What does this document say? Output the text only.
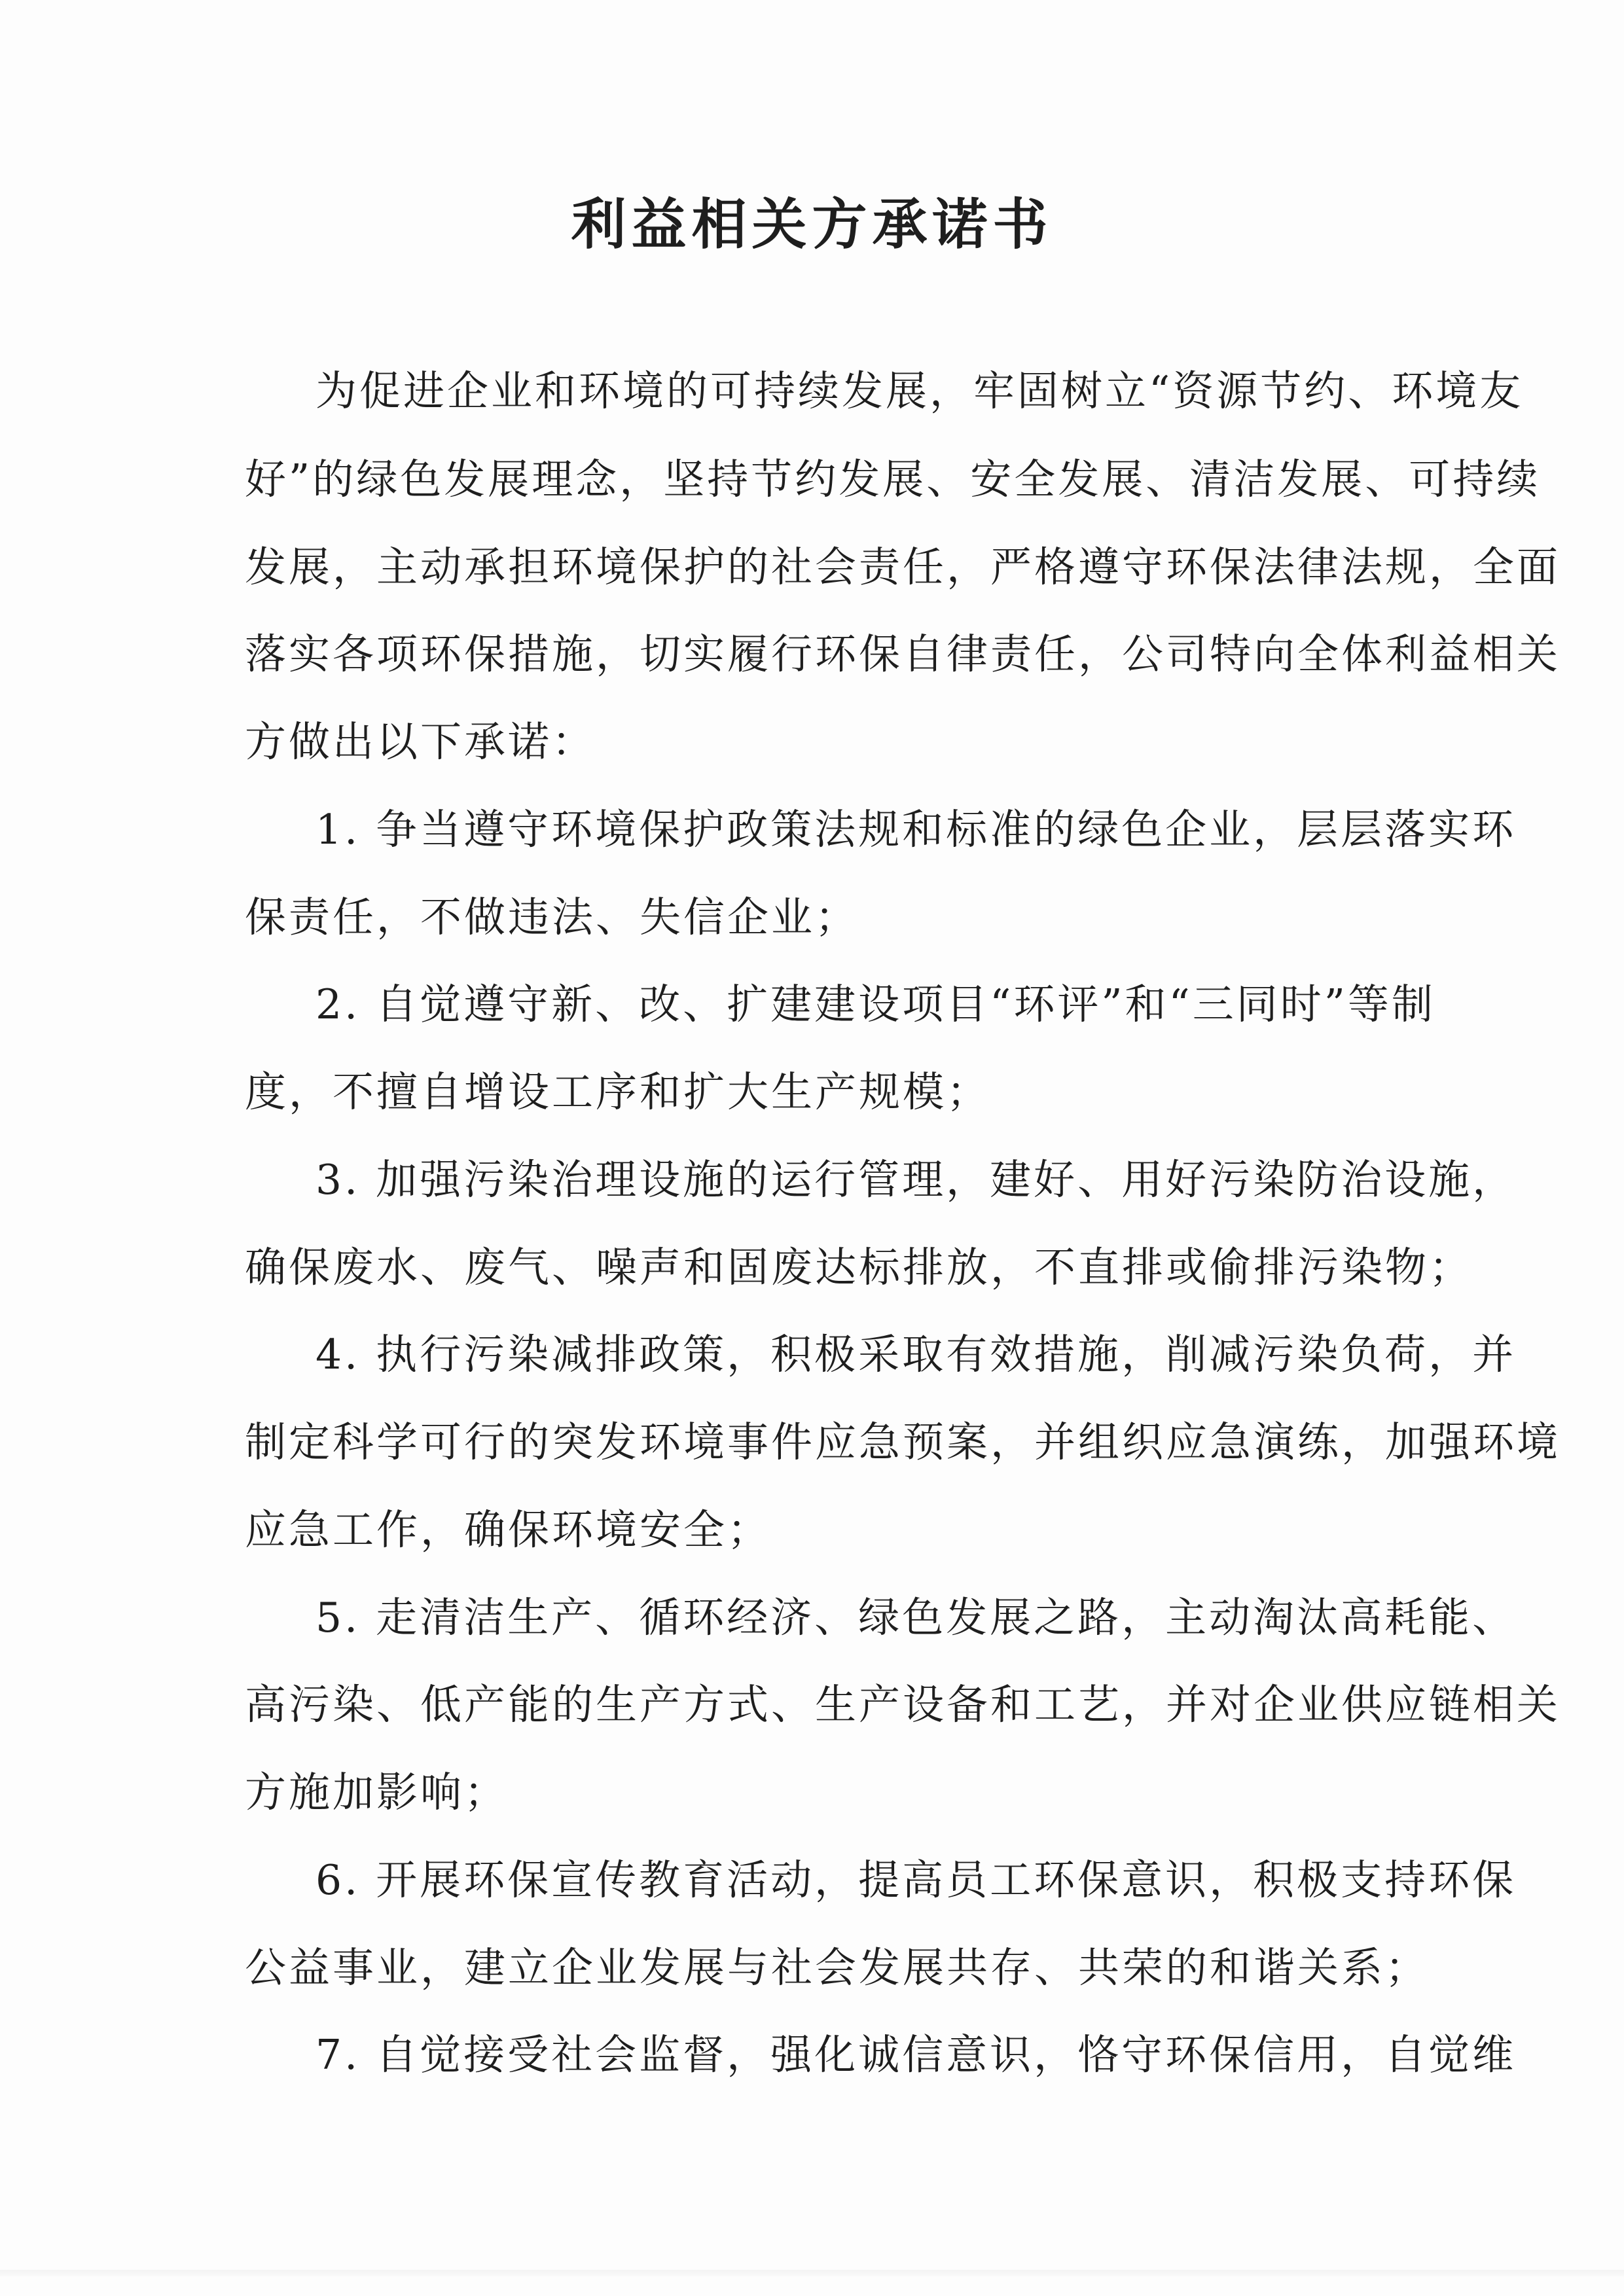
利益相关方承诺书
为促进企业和环境的可持续发展，牢固树立“资源节约、环境友
好”的绿色发展理念，坚持节约发展、安全发展、清洁发展、可持续
发展，主动承担环境保护的社会责任，严格遵守环保法律法规，全面
落实各项环保措施，切实履行环保自律责任，公司特向全体利益相关
方做出以下承诺：
1. 争当遵守环境保护政策法规和标准的绿色企业，层层落实环
保责任，不做违法、失信企业；
2. 自觉遵守新、改、扩建建设项目“环评”和“三同时”等制
度，不擅自增设工序和扩大生产规模；
3. 加强污染治理设施的运行管理，建好、用好污染防治设施，
确保废水、废气、噪声和固废达标排放，不直排或偷排污染物；
4. 执行污染减排政策，积极采取有效措施，削减污染负荷，并
制定科学可行的突发环境事件应急预案，并组织应急演练，加强环境
应急工作，确保环境安全；
5. 走清洁生产、循环经济、绿色发展之路，主动淘汰高耗能、
高污染、低产能的生产方式、生产设备和工艺，并对企业供应链相关
方施加影响；
6. 开展环保宣传教育活动，提高员工环保意识，积极支持环保
公益事业，建立企业发展与社会发展共存、共荣的和谐关系；
7. 自觉接受社会监督，强化诚信意识，恪守环保信用，自觉维
